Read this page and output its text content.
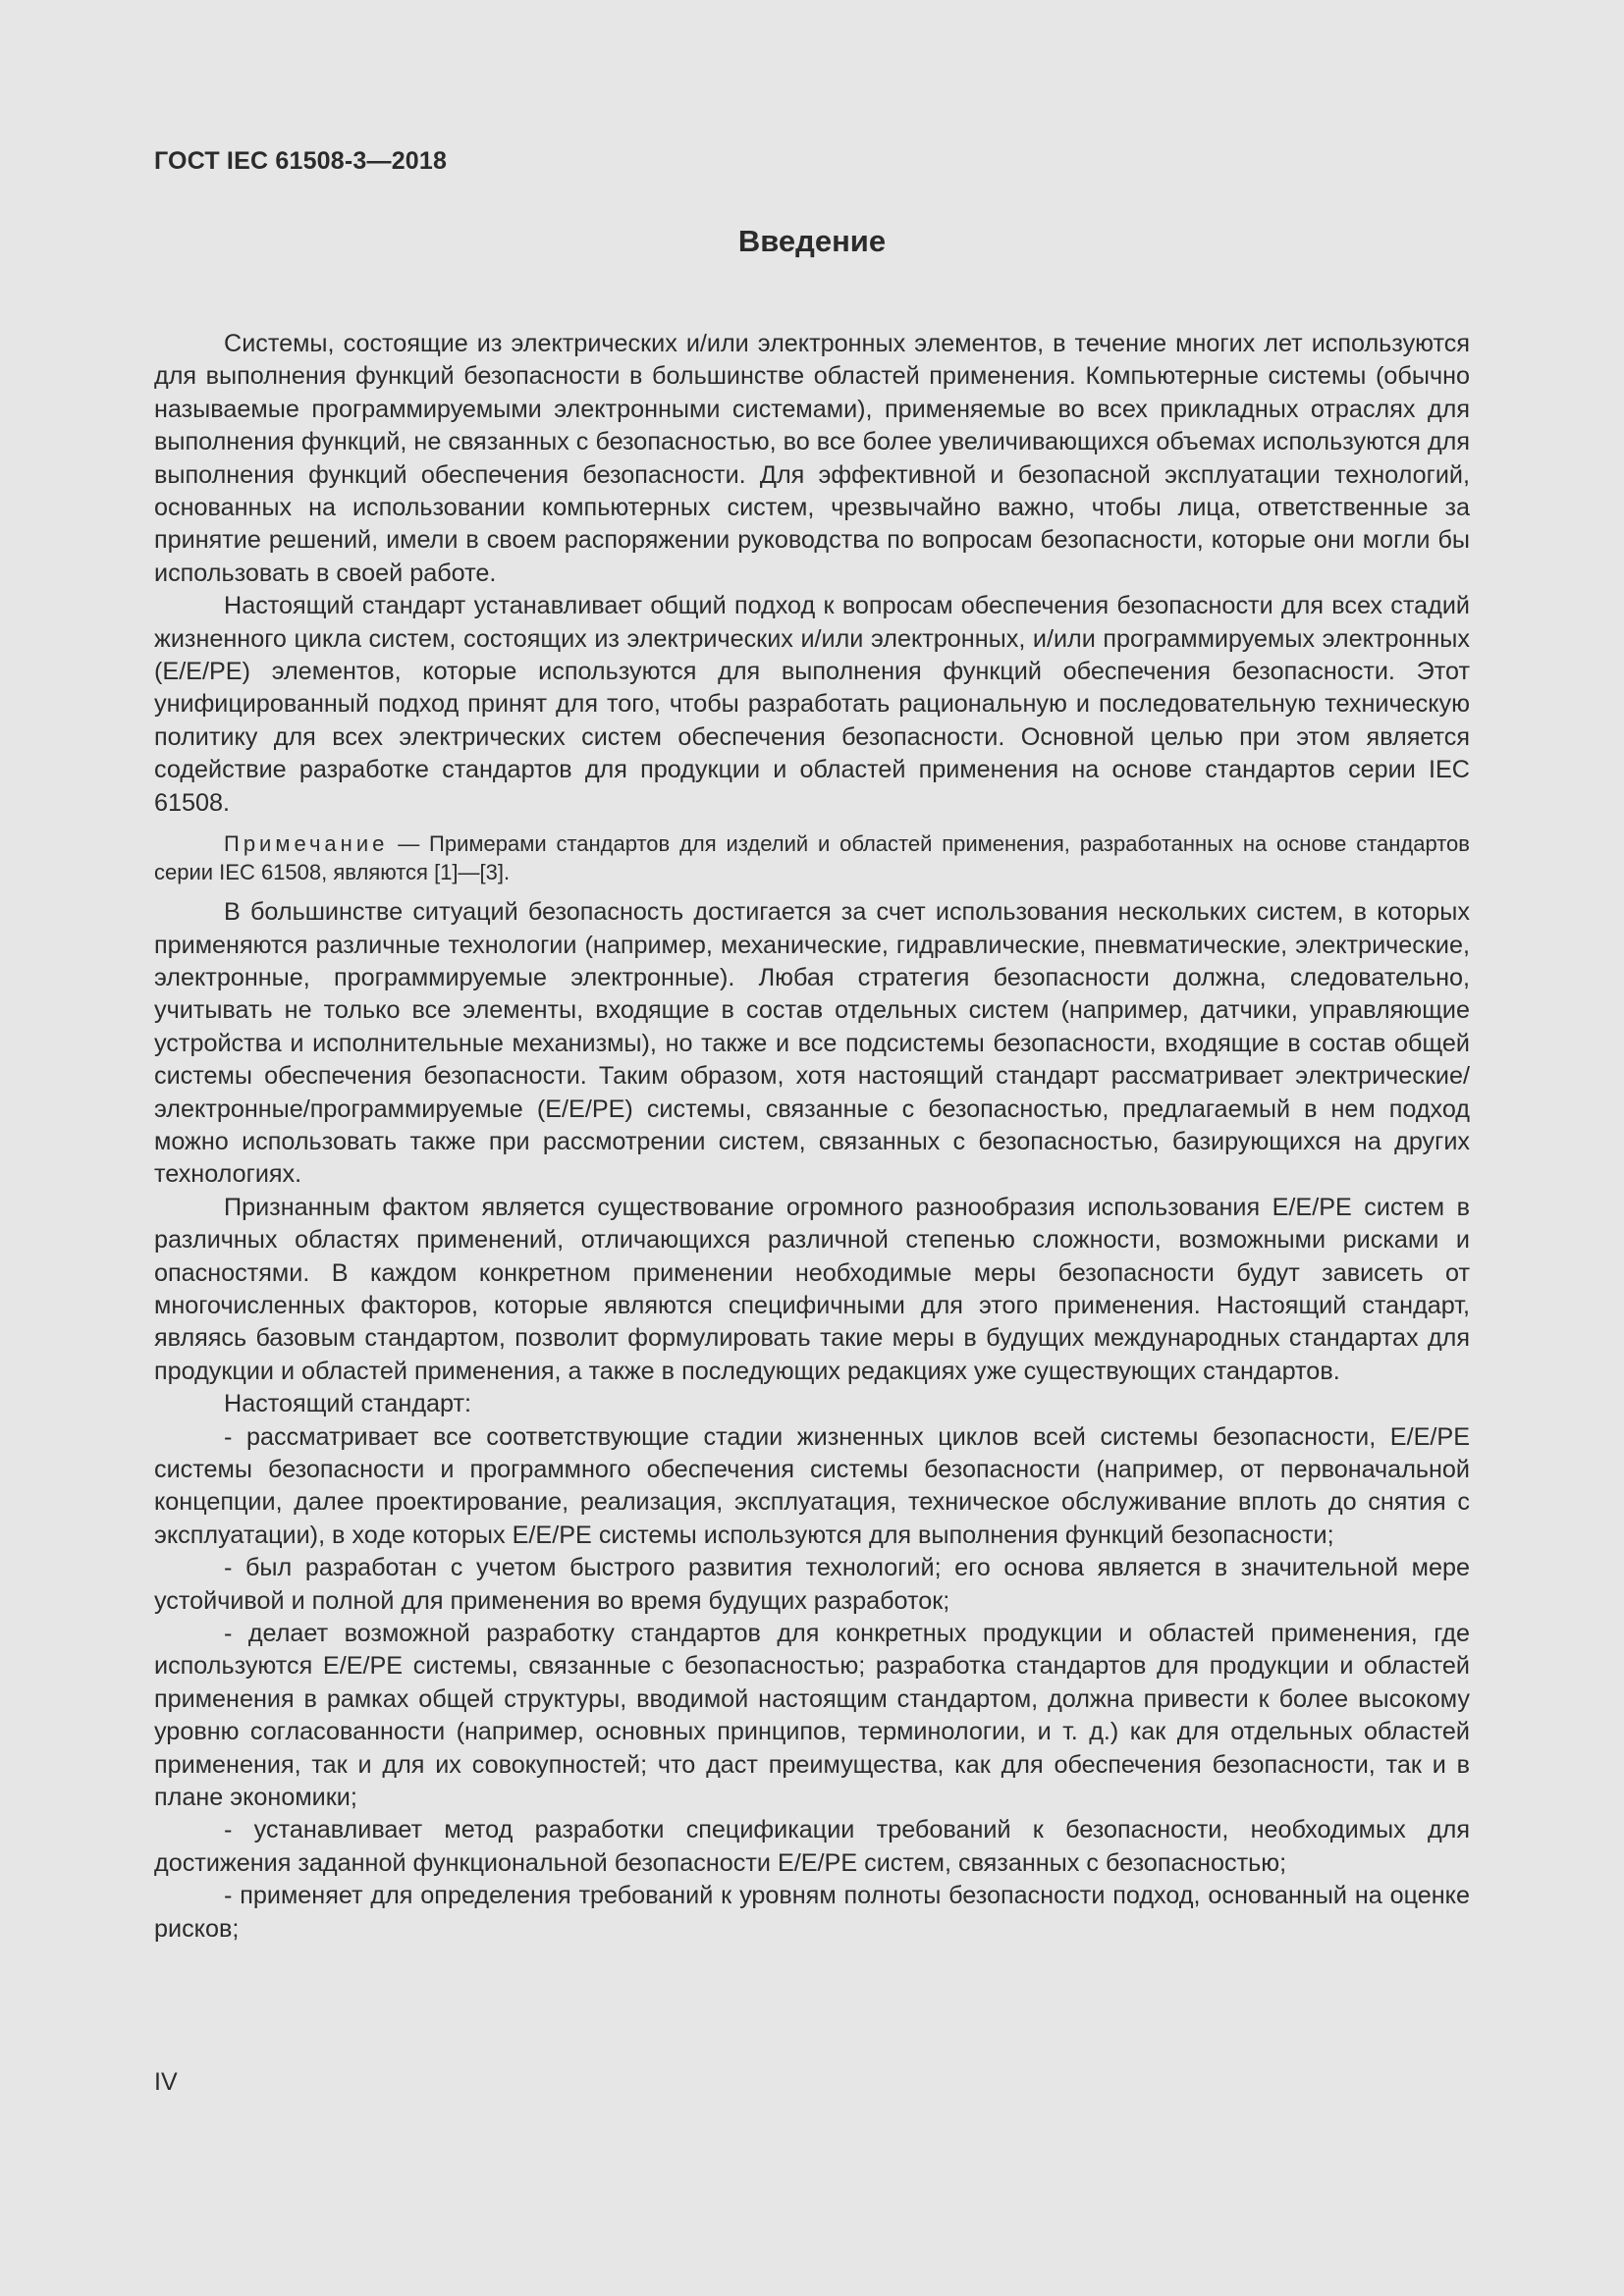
ГОСТ IEC 61508-3—2018
Введение

Системы, состоящие из электрических и/или электронных элементов, в течение многих лет используются для выполнения функций безопасности в большинстве областей применения. Компьютерные системы (обычно называемые программируемыми электронными системами), применяемые во всех прикладных отраслях для выполнения функций, не связанных с безопасностью, во все более увеличивающихся объемах используются для выполнения функций обеспечения безопасности. Для эффективной и безопасной эксплуатации технологий, основанных на использовании компьютерных систем, чрезвычайно важно, чтобы лица, ответственные за принятие решений, имели в своем распоряжении руководства по вопросам безопасности, которые они могли бы использовать в своей работе.

Настоящий стандарт устанавливает общий подход к вопросам обеспечения безопасности для всех стадий жизненного цикла систем, состоящих из электрических и/или электронных, и/или программируемых электронных (E/E/PE) элементов, которые используются для выполнения функций обеспечения безопасности. Этот унифицированный подход принят для того, чтобы разработать рациональную и последовательную техническую политику для всех электрических систем обеспечения безопасности. Основной целью при этом является содействие разработке стандартов для продукции и областей применения на основе стандартов серии IEC 61508.

Примечание — Примерами стандартов для изделий и областей применения, разработанных на основе стандартов серии IEC 61508, являются [1]—[3].

В большинстве ситуаций безопасность достигается за счет использования нескольких систем, в которых применяются различные технологии (например, механические, гидравлические, пневматические, электрические, электронные, программируемые электронные). Любая стратегия безопасности должна, следовательно, учитывать не только все элементы, входящие в состав отдельных систем (например, датчики, управляющие устройства и исполнительные механизмы), но также и все подсистемы безопасности, входящие в состав общей системы обеспечения безопасности. Таким образом, хотя настоящий стандарт рассматривает электрические/электронные/программируемые (E/E/PE) системы, связанные с безопасностью, предлагаемый в нем подход можно использовать также при рассмотрении систем, связанных с безопасностью, базирующихся на других технологиях.

Признанным фактом является существование огромного разнообразия использования E/E/PE систем в различных областях применений, отличающихся различной степенью сложности, возможными рисками и опасностями. В каждом конкретном применении необходимые меры безопасности будут зависеть от многочисленных факторов, которые являются специфичными для этого применения. Настоящий стандарт, являясь базовым стандартом, позволит формулировать такие меры в будущих международных стандартах для продукции и областей применения, а также в последующих редакциях уже существующих стандартов.

Настоящий стандарт:

- рассматривает все соответствующие стадии жизненных циклов всей системы безопасности, E/E/PE системы безопасности и программного обеспечения системы безопасности (например, от первоначальной концепции, далее проектирование, реализация, эксплуатация, техническое обслуживание вплоть до снятия с эксплуатации), в ходе которых E/E/PE системы используются для выполнения функций безопасности;

- был разработан с учетом быстрого развития технологий; его основа является в значительной мере устойчивой и полной для применения во время будущих разработок;

- делает возможной разработку стандартов для конкретных продукции и областей применения, где используются E/E/PE системы, связанные с безопасностью; разработка стандартов для продукции и областей применения в рамках общей структуры, вводимой настоящим стандартом, должна привести к более высокому уровню согласованности (например, основных принципов, терминологии, и т. д.) как для отдельных областей применения, так и для их совокупностей; что даст преимущества, как для обеспечения безопасности, так и в плане экономики;

- устанавливает метод разработки спецификации требований к безопасности, необходимых для достижения заданной функциональной безопасности E/E/PE систем, связанных с безопасностью;

- применяет для определения требований к уровням полноты безопасности подход, основанный на оценке рисков;

IV
